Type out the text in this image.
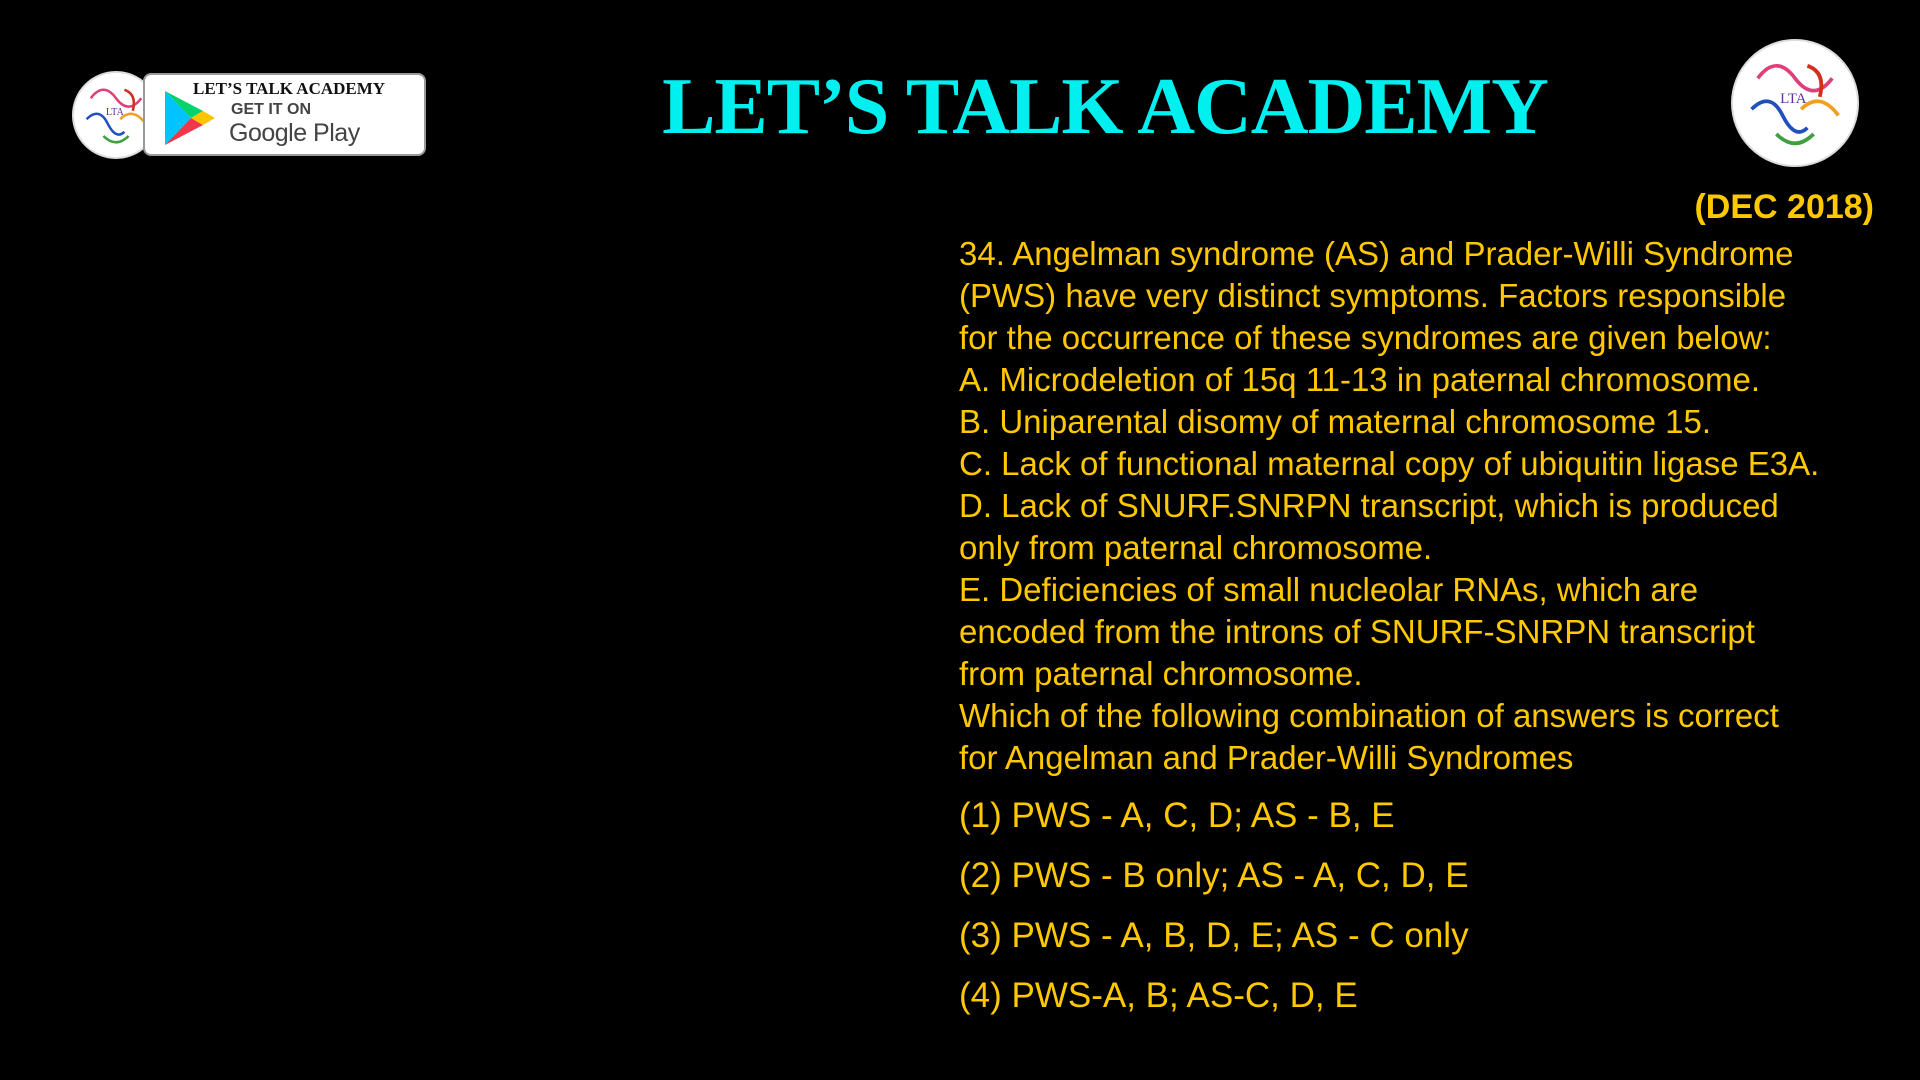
LTA
LET’S TALK ACADEMY
GET IT ON
Google Play	LET’S TALK ACADEMY	LTA
(DEC 2018)
34. Angelman syndrome (AS) and Prader-Willi Syndrome
(PWS) have very distinct symptoms. Factors responsible
for the occurrence of these syndromes are given below:
A. Microdeletion of 15q 11-13 in paternal chromosome.
B. Uniparental disomy of maternal chromosome 15.
C. Lack of functional maternal copy of ubiquitin ligase E3A.
D. Lack of SNURF.SNRPN transcript, which is produced
only from paternal chromosome.
E. Deficiencies of small nucleolar RNAs, which are
encoded from the introns of SNURF-SNRPN transcript
from paternal chromosome.
Which of the following combination of answers is correct
for Angelman and Prader-Willi Syndromes
(1) PWS - A, C, D; AS - B, E
(2) PWS - B only; AS - A, C, D, E
(3) PWS - A, B, D, E; AS - C only
(4) PWS-A, B; AS-C, D, E
